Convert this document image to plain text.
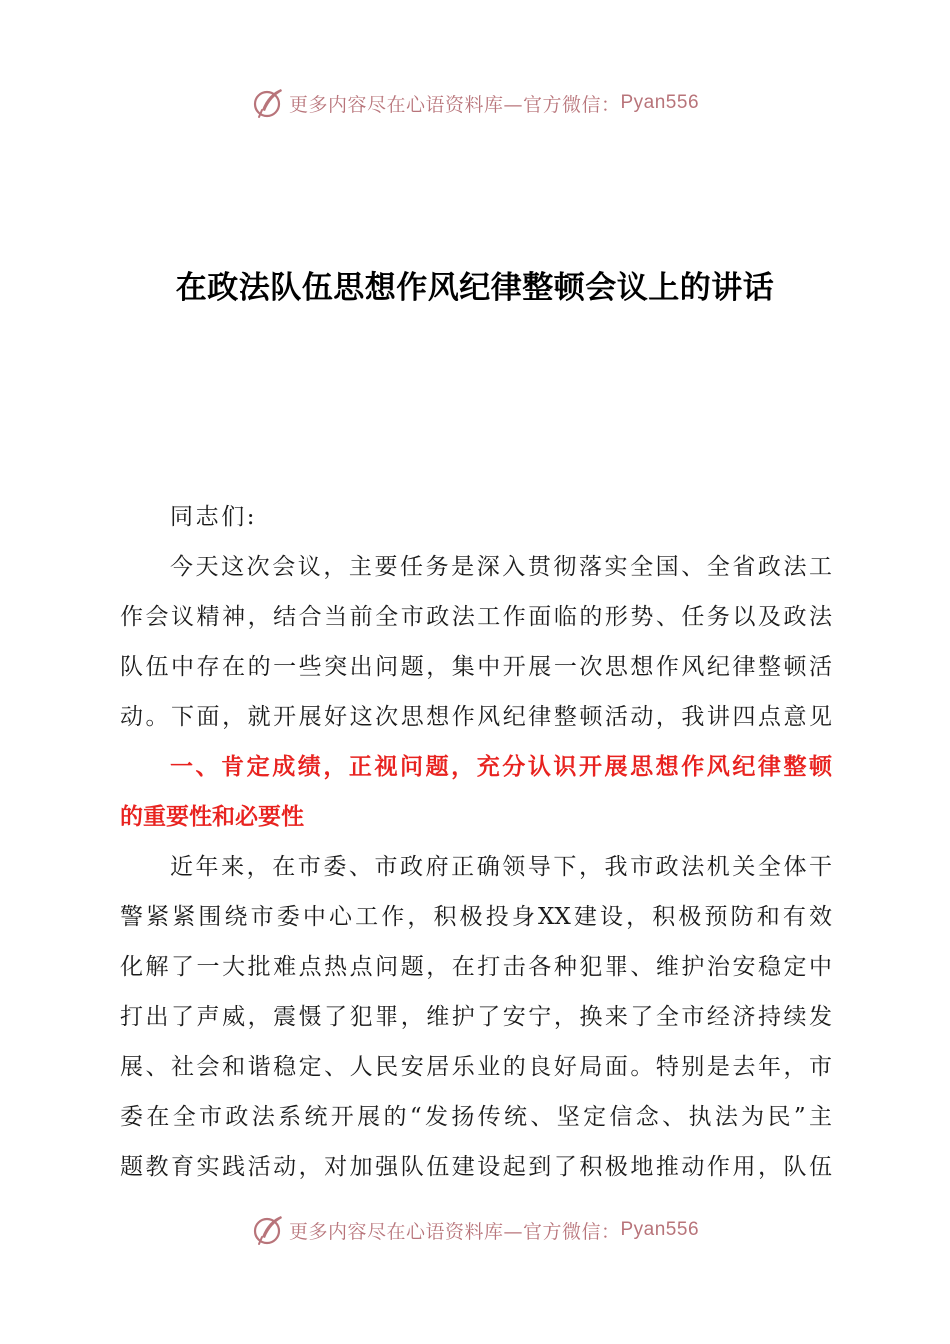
更多内容尽在心语资料库—官方微信： Pyan556
在政法队伍思想作风纪律整顿会议上的讲话
同志们:
今天这次会议，主要任务是深入贯彻落实全国、全省政法工
作会议精神，结合当前全市政法工作面临的形势、任务以及政法
队伍中存在的一些突出问题，集中开展一次思想作风纪律整顿活
动。下面，就开展好这次思想作风纪律整顿活动，我讲四点意见
一、肯定成绩，正视问题，充分认识开展思想作风纪律整顿
的重要性和必要性
近年来，在市委、市政府正确领导下，我市政法机关全体干
警紧紧围绕市委中心工作，积极投身XX建设，积极预防和有效
化解了一大批难点热点问题，在打击各种犯罪、维护治安稳定中
打出了声威，震慑了犯罪，维护了安宁，换来了全市经济持续发
展、社会和谐稳定、人民安居乐业的良好局面。特别是去年，市
委在全市政法系统开展的“发扬传统、坚定信念、执法为民”主
题教育实践活动，对加强队伍建设起到了积极地推动作用，队伍
更多内容尽在心语资料库—官方微信： Pyan556
